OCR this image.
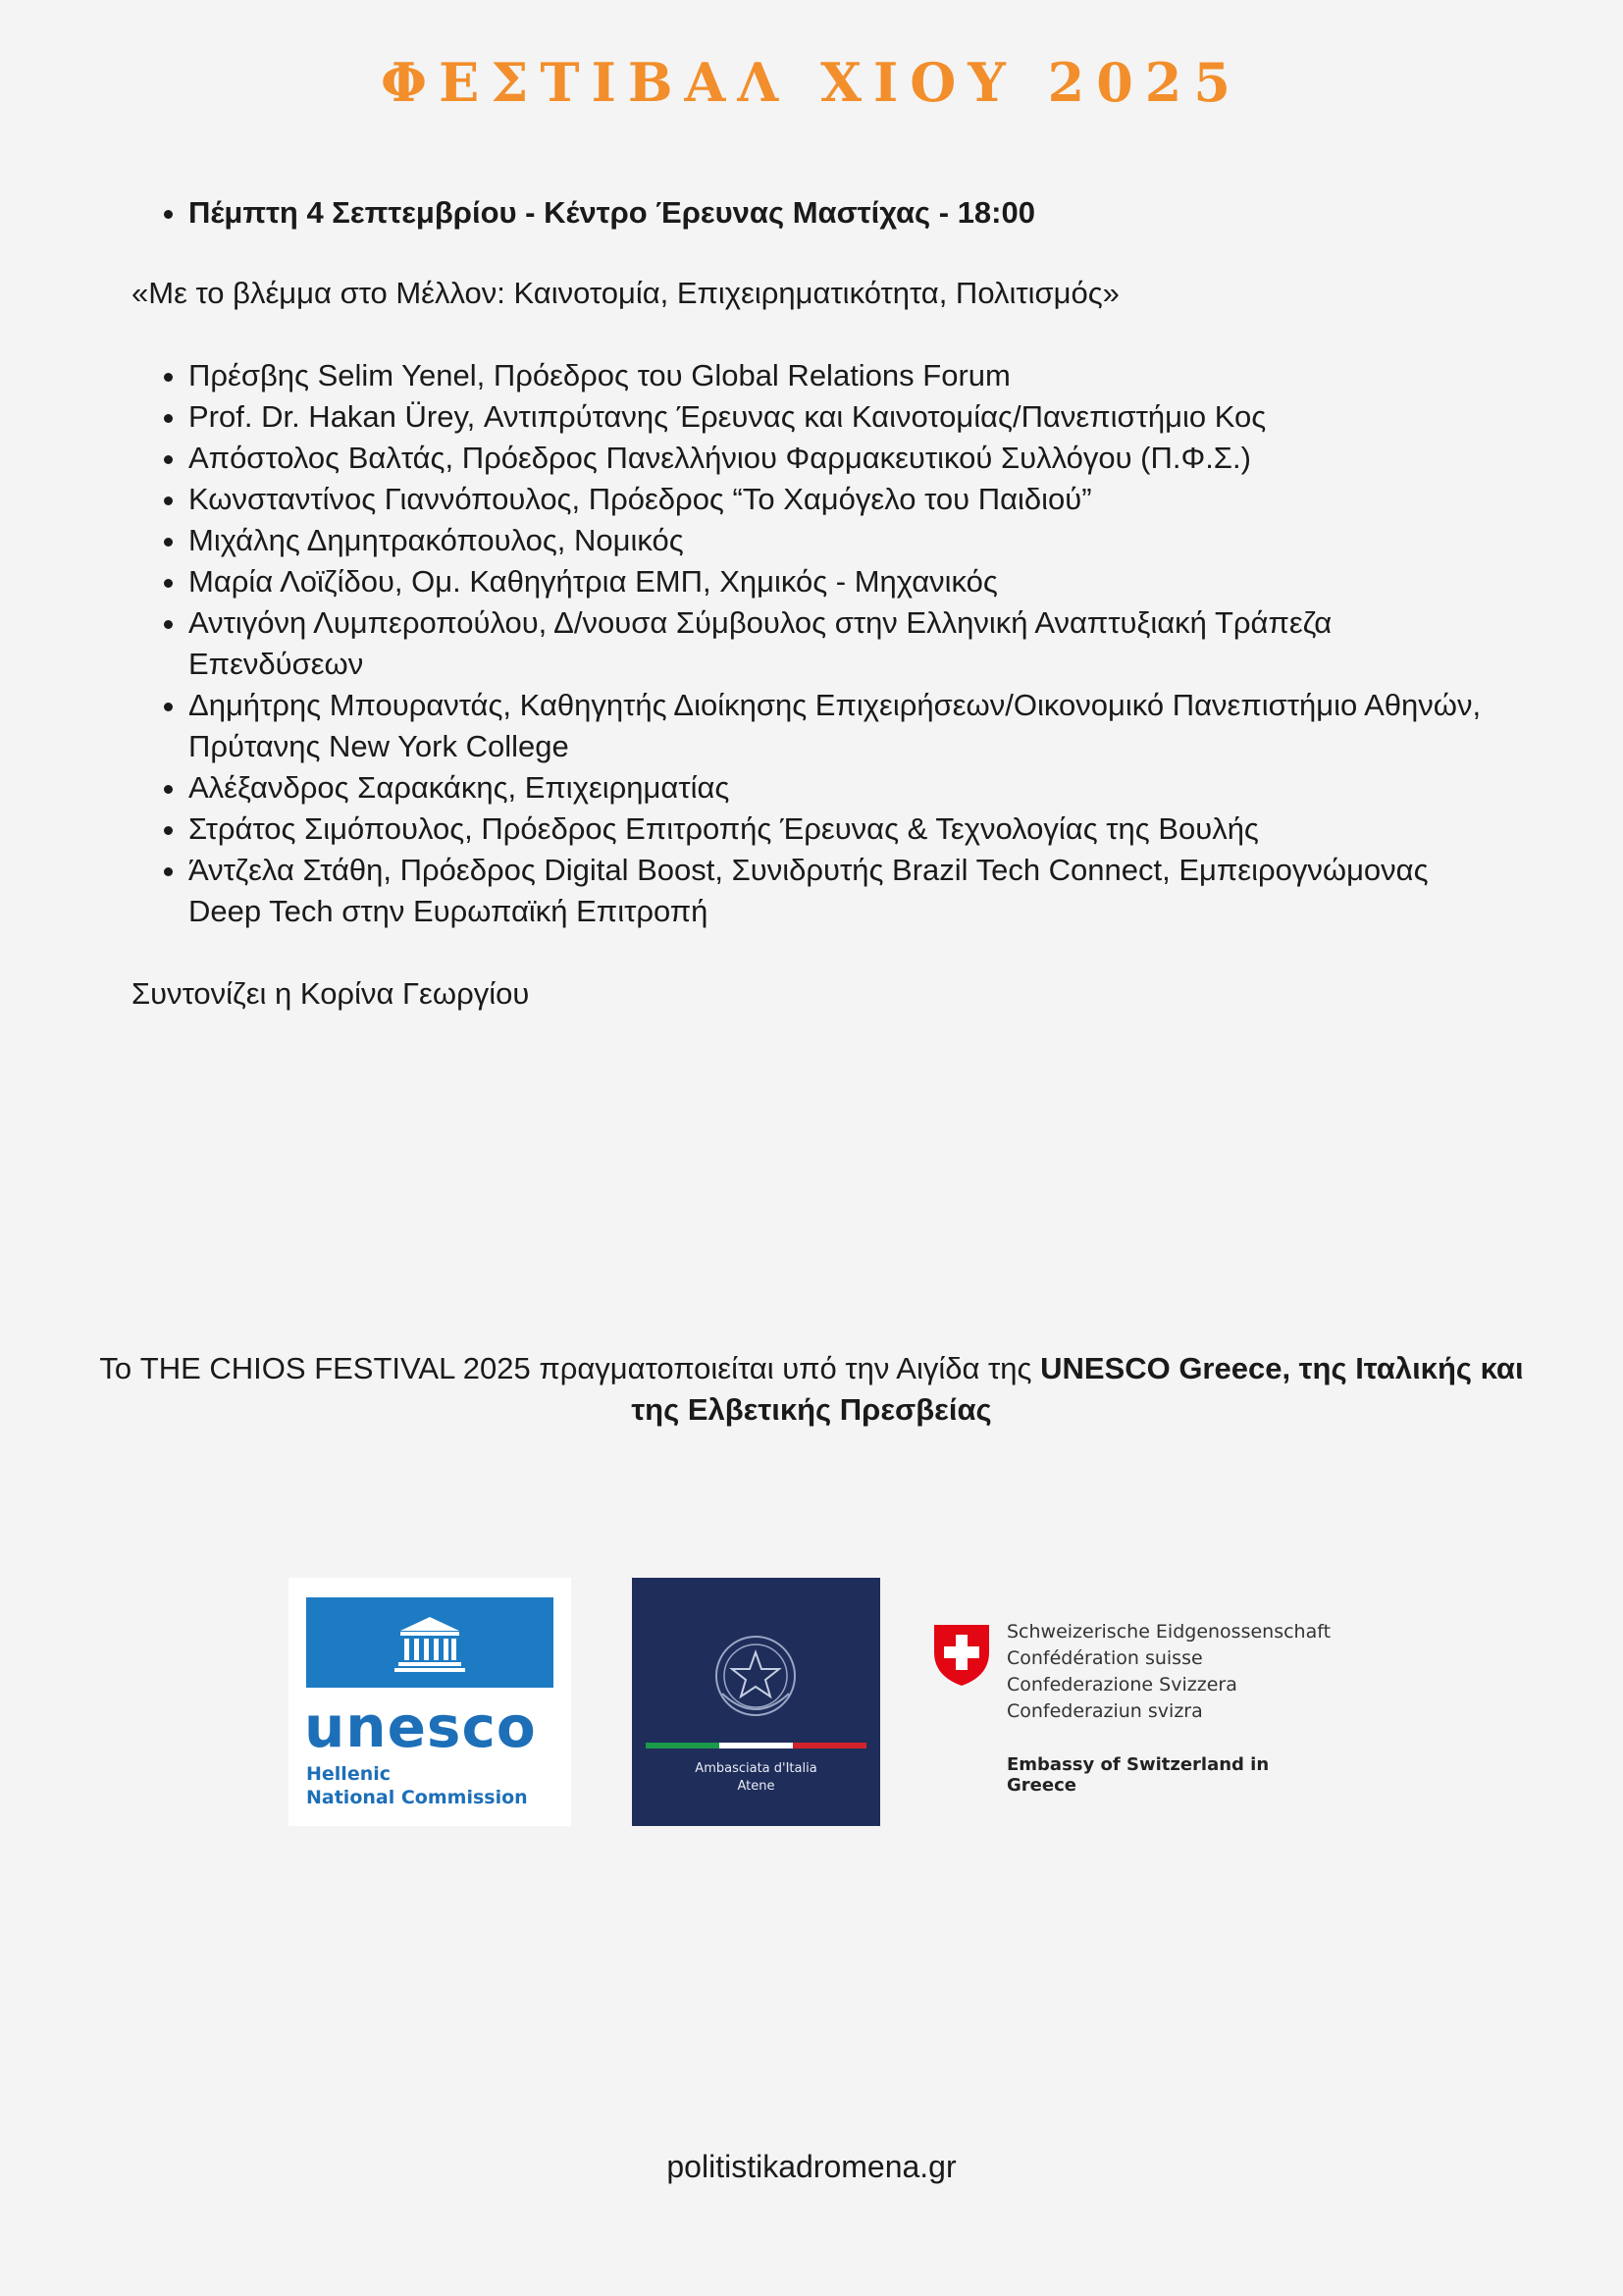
ΦΕΣΤΙΒΑΛ ΧΙΟΥ 2025
• Πέμπτη 4 Σεπτεμβρίου - Κέντρο Έρευνας Μαστίχας - 18:00
«Με το βλέμμα στο Μέλλον: Καινοτομία, Επιχειρηματικότητα, Πολιτισμός»
• Πρέσβης Selim Yenel, Πρόεδρος του Global Relations Forum
• Prof. Dr. Hakan Ürey, Αντιπρύτανης Έρευνας και Καινοτομίας/Πανεπιστήμιο Κος
• Απόστολος Βαλτάς, Πρόεδρος Πανελλήνιου Φαρμακευτικού Συλλόγου (Π.Φ.Σ.)
• Κωνσταντίνος Γιαννόπουλος, Πρόεδρος “Το Χαμόγελο του Παιδιού”
• Μιχάλης Δημητρακόπουλος, Νομικός
• Μαρία Λοϊζίδου, Ομ. Καθηγήτρια ΕΜΠ, Χημικός - Μηχανικός
• Αντιγόνη Λυμπεροπούλου, Δ/νουσα Σύμβουλος στην Ελληνική Αναπτυξιακή Τράπεζα Επενδύσεων
• Δημήτρης Μπουραντάς, Καθηγητής Διοίκησης Επιχειρήσεων/Οικονομικό Πανεπιστήμιο Αθηνών, Πρύτανης New York College
• Αλέξανδρος Σαρακάκης, Επιχειρηματίας
• Στράτος Σιμόπουλος, Πρόεδρος Επιτροπής Έρευνας & Τεχνολογίας της Βουλής
• Άντζελα Στάθη, Πρόεδρος Digital Boost, Συνιδρυτής Brazil Tech Connect, Εμπειρογνώμονας Deep Tech στην Ευρωπαϊκή Επιτροπή
Συντονίζει η Κορίνα Γεωργίου
Το THE CHIOS FESTIVAL 2025 πραγματοποιείται υπό την Αιγίδα της UNESCO Greece, της Ιταλικής και της Ελβετικής Πρεσβείας
unesco
Hellenic
National Commission
Ambasciata d'Italia
Atene
Schweizerische Eidgenossenschaft
Confédération suisse
Confederazione Svizzera
Confederaziun svizra
Embassy of Switzerland in Greece
politistikadromena.gr
